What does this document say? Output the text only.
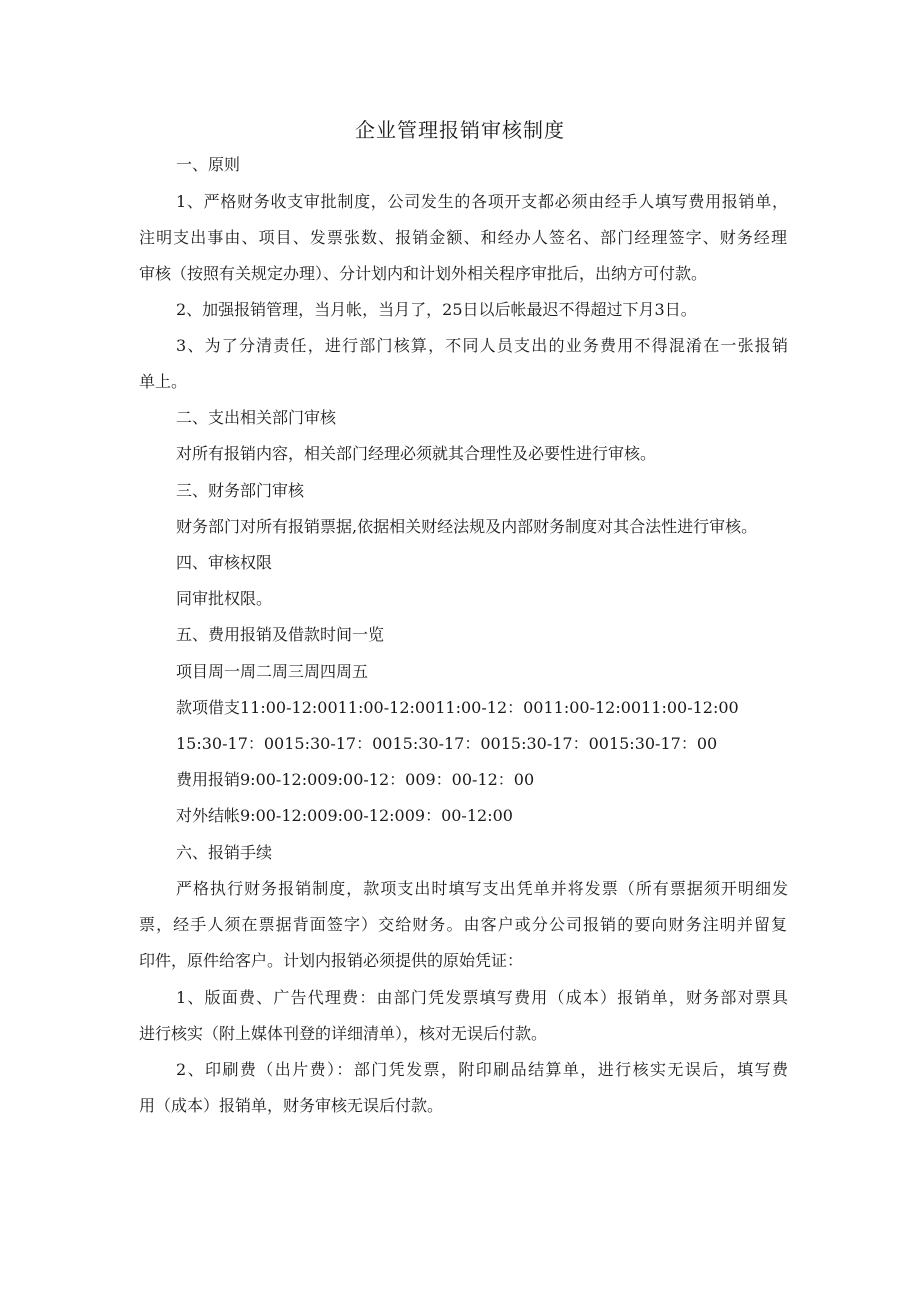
企业管理报销审核制度
一、原则
1、严格财务收支审批制度，公司发生的各项开支都必须由经手人填写费用报销单，
注明支出事由、项目、发票张数、报销金额、和经办人签名、部门经理签字、财务经理
审核（按照有关规定办理）、分计划内和计划外相关程序审批后，出纳方可付款。
2、加强报销管理，当月帐，当月了，25日以后帐最迟不得超过下月3日。
3、为了分清责任，进行部门核算，不同人员支出的业务费用不得混淆在一张报销
单上。
二、支出相关部门审核
对所有报销内容，相关部门经理必须就其合理性及必要性进行审核。
三、财务部门审核
财务部门对所有报销票据,依据相关财经法规及内部财务制度对其合法性进行审核。
四、审核权限
同审批权限。
五、费用报销及借款时间一览
项目周一周二周三周四周五
款项借支11:00-12:0011:00-12:0011:00-12：0011:00-12:0011:00-12:00
15:30-17：0015:30-17：0015:30-17：0015:30-17：0015:30-17：00
费用报销9:00-12:009:00-12：009：00-12：00
对外结帐9:00-12:009:00-12:009：00-12:00
六、报销手续
严格执行财务报销制度，款项支出时填写支出凭单并将发票（所有票据须开明细发
票，经手人须在票据背面签字）交给财务。由客户或分公司报销的要向财务注明并留复
印件，原件给客户。计划内报销必须提供的原始凭证：
1、版面费、广告代理费：由部门凭发票填写费用（成本）报销单，财务部对票具
进行核实（附上媒体刊登的详细清单），核对无误后付款。
2、印刷费（出片费）：部门凭发票，附印刷品结算单，进行核实无误后，填写费
用（成本）报销单，财务审核无误后付款。
